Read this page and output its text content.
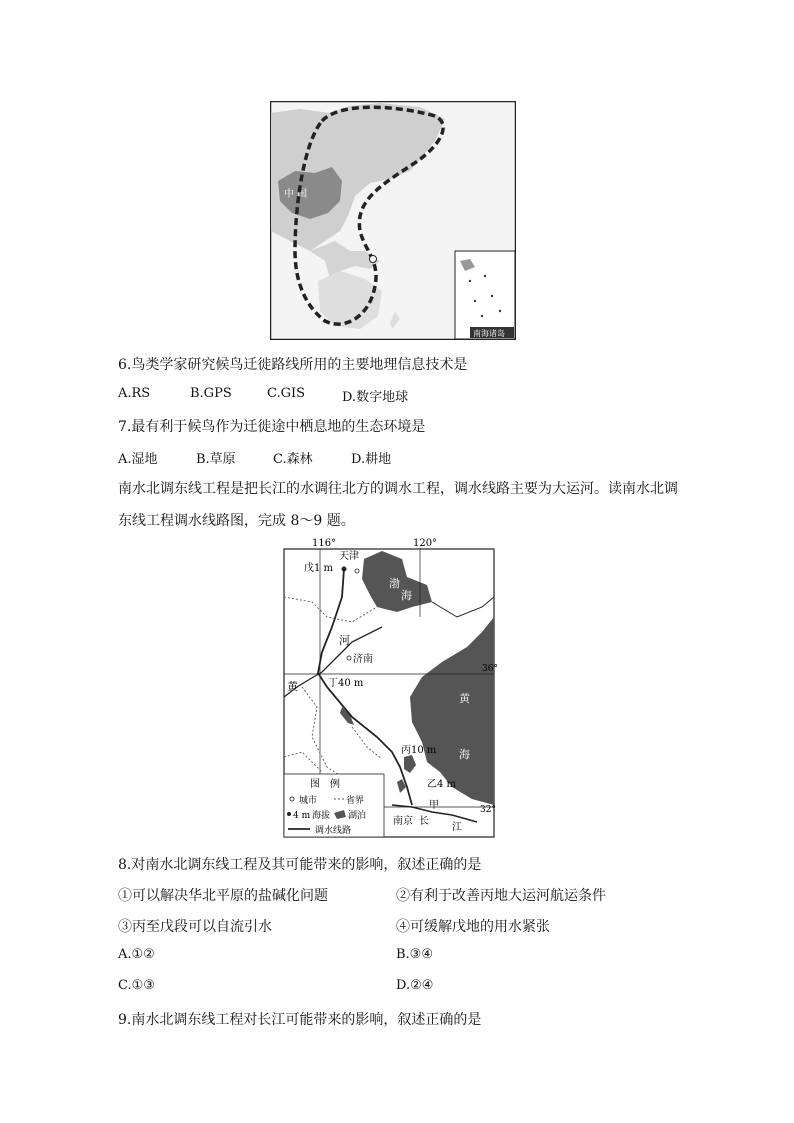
中 国
南海诸岛
6.鸟类学家研究候鸟迁徙路线所用的主要地理信息技术是
A.RS	B.GPS	C.GIS	D.数字地球
7.最有利于候鸟作为迁徙途中栖息地的生态环境是
A.湿地	B.草原	C.森林	D.耕地
南水北调东线工程是把长江的水调往北方的调水工程，调水线路主要为大运河。读南水北调
东线工程调水线路图，完成 8～9 题。
116°	120°
渤
海
黄
海
戊1 m
天津
河
济南
黄	丁40 m
丙10 m
乙4 m
甲
南京 长
江
36°
32°
图　例
城市	省界
4 m 海拔 湖泊
调水线路
8.对南水北调东线工程及其可能带来的影响，叙述正确的是
①可以解决华北平原的盐碱化问题	②有利于改善丙地大运河航运条件
③丙至戊段可以自流引水	④可缓解戊地的用水紧张
A.①②	B.③④
C.①③	D.②④
9.南水北调东线工程对长江可能带来的影响，叙述正确的是
